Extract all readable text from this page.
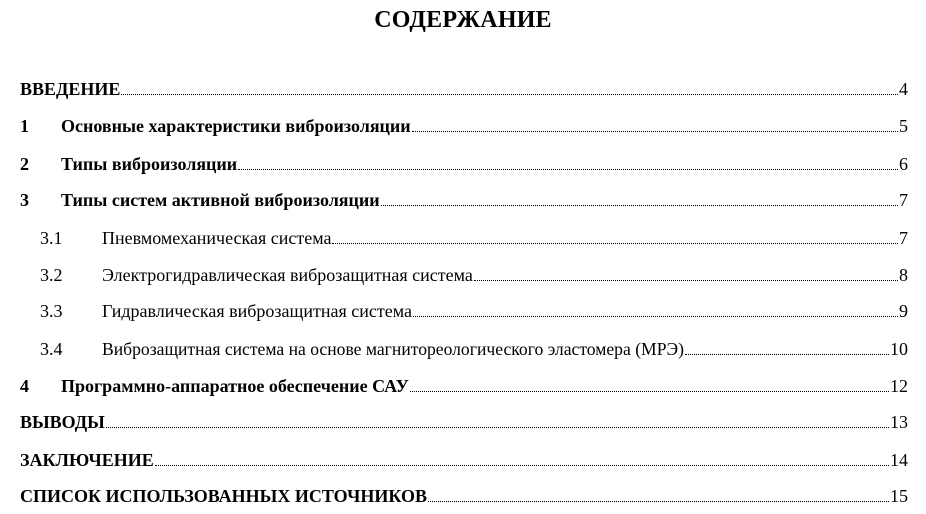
СОДЕРЖАНИЕ
ВВЕДЕНИЕ	4
1	Основные характеристики виброизоляции	5
2	Типы виброизоляции	6
3	Типы систем активной виброизоляции	7
3.1	Пневмомеханическая система	7
3.2	Электрогидравлическая виброзащитная система	8
3.3	Гидравлическая виброзащитная система	9
3.4	Виброзащитная система на основе магнитореологического эластомера (МРЭ)	10
4	Программно-аппаратное обеспечение САУ	12
ВЫВОДЫ	13
ЗАКЛЮЧЕНИЕ	14
СПИСОК ИСПОЛЬЗОВАННЫХ ИСТОЧНИКОВ	15
